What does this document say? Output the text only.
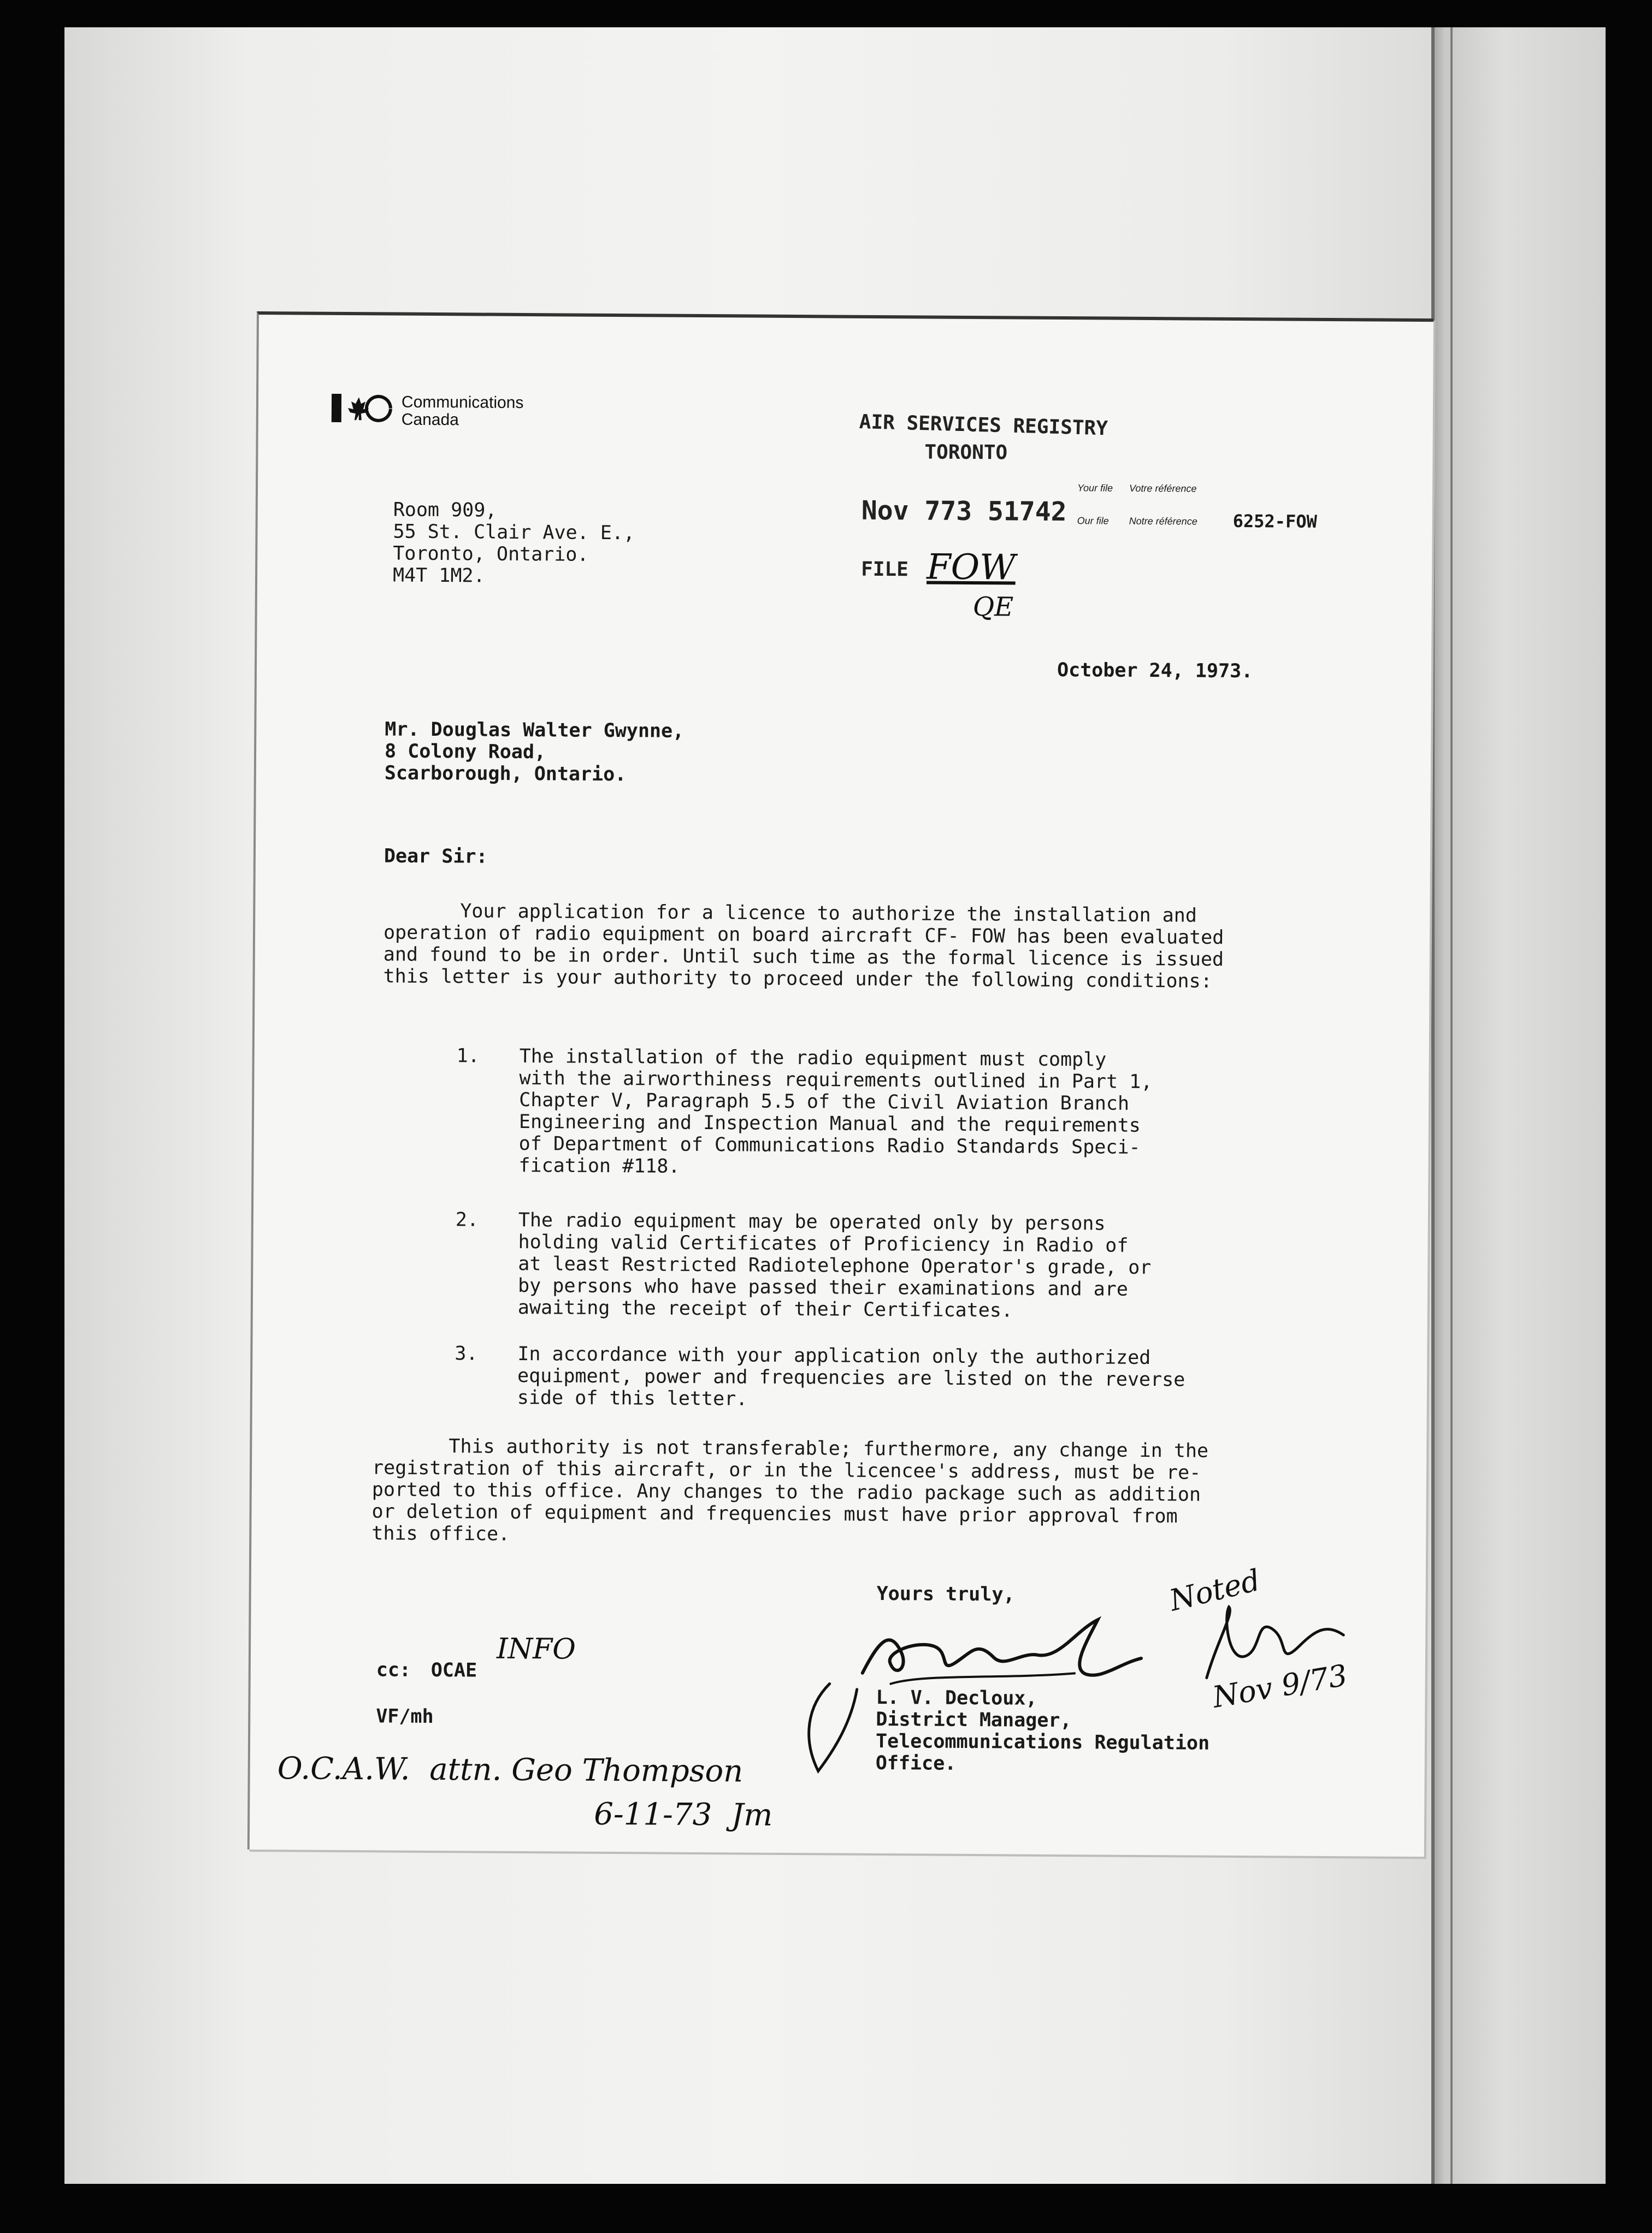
Communications
Canada
Room 909,
55 St. Clair Ave. E.,
Toronto, Ontario.
M4T 1M2.
AIR SERVICES REGISTRY
TORONTO
Nov 773 51742
FILE FOW
QE
Your file Votre référence
Our file Notre référence 6252-FOW
October 24, 1973.
Mr. Douglas Walter Gwynne,
8 Colony Road,
Scarborough, Ontario.
Dear Sir:
Your application for a licence to authorize the installation and
operation of radio equipment on board aircraft CF- FOW has been evaluated
and found to be in order. Until such time as the formal licence is issued
this letter is your authority to proceed under the following conditions:
1. The installation of the radio equipment must comply
with the airworthiness requirements outlined in Part 1,
Chapter V, Paragraph 5.5 of the Civil Aviation Branch
Engineering and Inspection Manual and the requirements
of Department of Communications Radio Standards Speci-
fication #118.
2. The radio equipment may be operated only by persons
holding valid Certificates of Proficiency in Radio of
at least Restricted Radiotelephone Operator's grade, or
by persons who have passed their examinations and are
awaiting the receipt of their Certificates.
3. In accordance with your application only the authorized
equipment, power and frequencies are listed on the reverse
side of this letter.
This authority is not transferable; furthermore, any change in the
registration of this aircraft, or in the licencee's address, must be re-
ported to this office. Any changes to the radio package such as addition
or deletion of equipment and frequencies must have prior approval from
this office.
Yours truly,
L. V. Decloux,
District Manager,
Telecommunications Regulation
Office.
cc: OCAE
INFO
VF/mh
O.C.A.W.  attn. Geo Thompson
6-11-73  Jm
Noted
Nov 9/73
